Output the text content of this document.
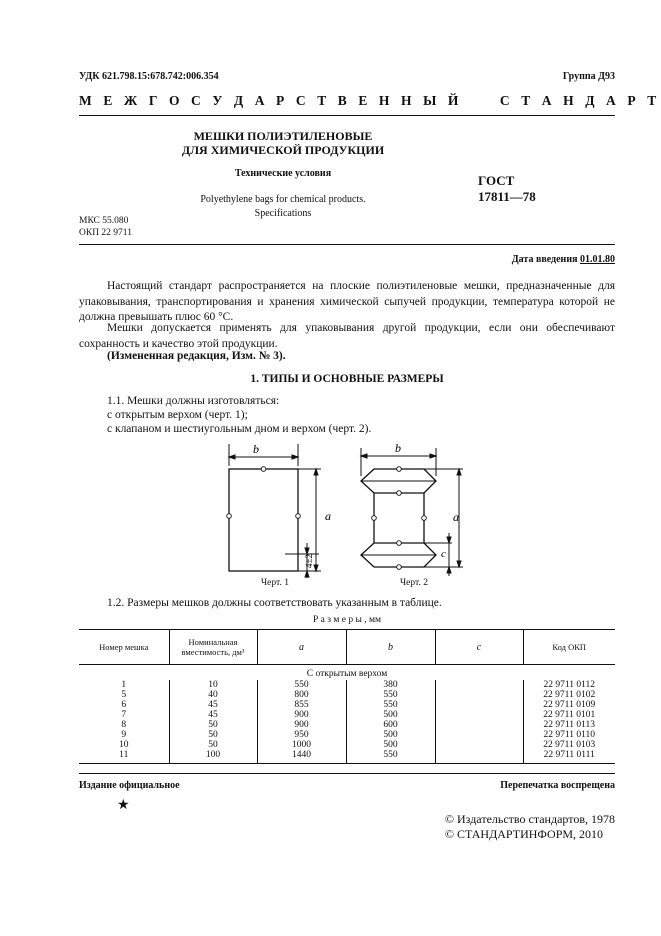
УДК 621.798.15:678.742:006.354	Группа Д93
М Е Ж Г О С У Д А Р С Т В Е Н Н Ы Й     С Т А Н Д А Р Т
МЕШКИ ПОЛИЭТИЛЕНОВЫЕ
ДЛЯ ХИМИЧЕСКОЙ ПРОДУКЦИИ
Технические условия
Polyethylene bags for chemical products.
Specifications
ГОСТ
17811—78
МКС 55.080
ОКП 22 9711
Дата введения 01.01.80
Настоящий стандарт распространяется на плоские полиэтиленовые мешки, предназначенные для упаковывания, транспортирования и хранения химической сыпучей продукции, температура которой не должна превышать плюс 60 °С.
Мешки допускается применять для упаковывания другой продукции, если они обеспечивают сохранность и качество этой продукции.
(Измененная редакция, Изм. № 3).
1. ТИПЫ И ОСНОВНЫЕ РАЗМЕРЫ
1.1. Мешки должны изготовляться:
с открытым верхом (черт. 1);
с клапаном и шестиугольным дном и верхом (черт. 2).
b
a
4±2
Черт. 1
b
a
c
Черт. 2
1.2. Размеры мешков должны соответствовать указанным в таблице.
Р а з м е р ы , мм
Номер мешка	Номинальная вместимость, дм³	a	b	c	Код ОКП
С открытым верхом					
1	10	550	380		22 9711 0112
5	40	800	550		22 9711 0102
6	45	855	550		22 9711 0109
7	45	900	500		22 9711 0101
8	50	900	600		22 9711 0113
9	50	950	500		22 9711 0110
10	50	1000	500		22 9711 0103
11	100	1440	550		22 9711 0111
Издание официальное	Перепечатка воспрещена
★
© Издательство стандартов, 1978
© СТАНДАРТИНФОРМ, 2010
